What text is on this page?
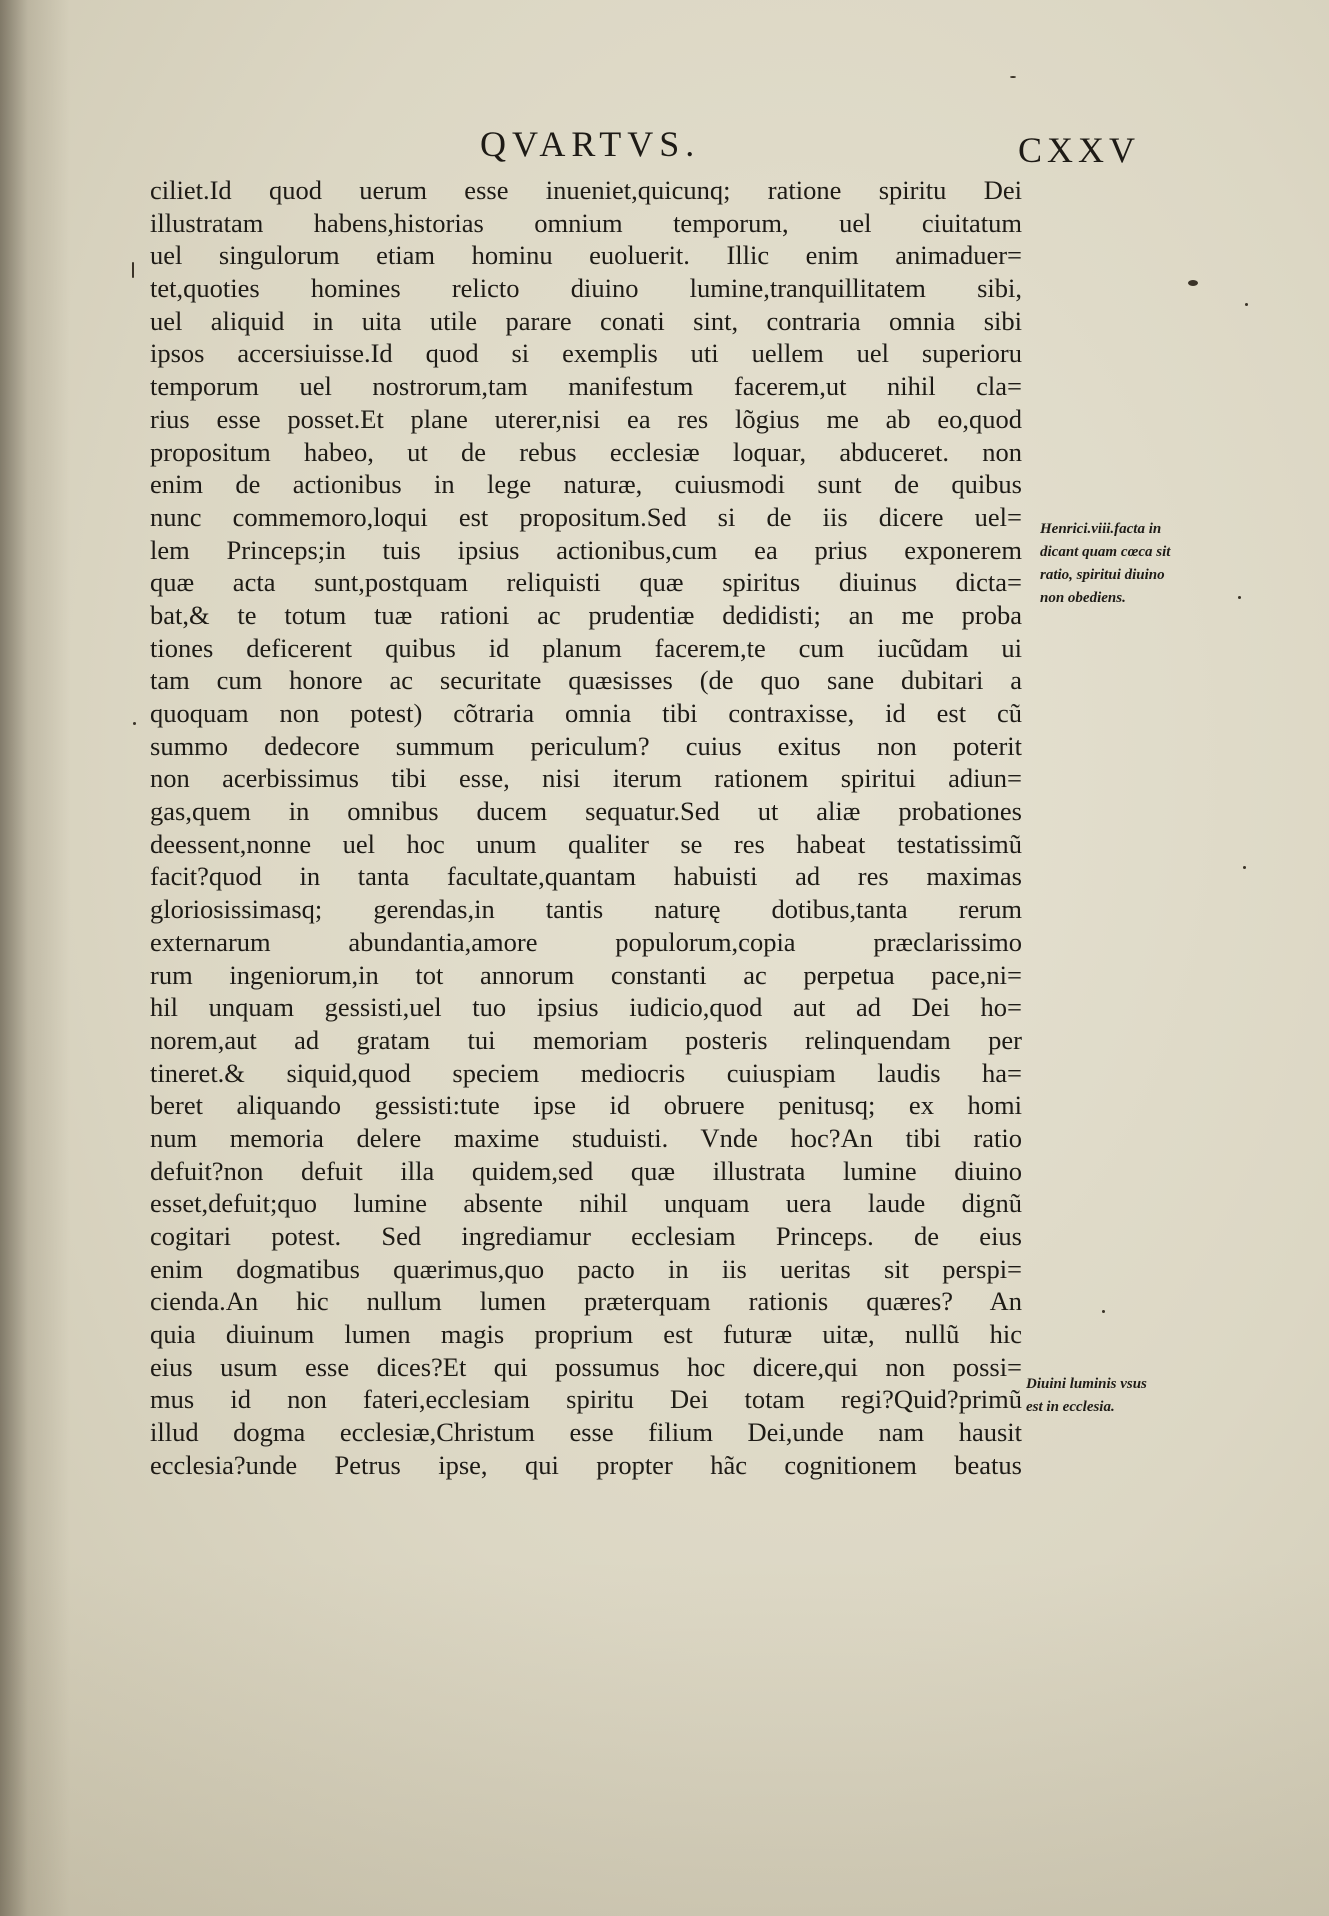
QVARTVS.	CXXV
ciliet.Id quod uerum esse inueniet,quicunq; ratione spiritu Dei
illustratam habens,historias omnium temporum, uel ciuitatum
uel singulorum etiam hominu euoluerit. Illic enim animaduer=
tet,quoties homines relicto diuino lumine,tranquillitatem sibi,
uel aliquid in uita utile parare conati sint, contraria omnia sibi
ipsos accersiuisse.Id quod si exemplis uti uellem uel superioru
temporum uel nostrorum,tam manifestum facerem,ut nihil cla=
rius esse posset.Et plane uterer,nisi ea res lõgius me ab eo,quod
propositum habeo, ut de rebus ecclesiæ loquar, abduceret. non
enim de actionibus in lege naturæ, cuiusmodi sunt de quibus
nunc commemoro,loqui est propositum.Sed si de iis dicere uel=
lem Princeps;in tuis ipsius actionibus,cum ea prius exponerem
quæ acta sunt,postquam reliquisti quæ spiritus diuinus dicta=
bat,& te totum tuæ rationi ac prudentiæ dedidisti; an me proba
tiones deficerent quibus id planum facerem,te cum iucũdam ui
tam cum honore ac securitate quæsisses (de quo sane dubitari a
quoquam non potest) cõtraria omnia tibi contraxisse, id est cũ
summo dedecore summum periculum? cuius exitus non poterit
non acerbissimus tibi esse, nisi iterum rationem spiritui adiun=
gas,quem in omnibus ducem sequatur.Sed ut aliæ probationes
deessent,nonne uel hoc unum qualiter se res habeat testatissimũ
facit?quod in tanta facultate,quantam habuisti ad res maximas
gloriosissimasq; gerendas,in tantis naturę dotibus,tanta rerum
externarum abundantia,amore populorum,copia præclarissimo
rum ingeniorum,in tot annorum constanti ac perpetua pace,ni=
hil unquam gessisti,uel tuo ipsius iudicio,quod aut ad Dei ho=
norem,aut ad gratam tui memoriam posteris relinquendam per
tineret.& siquid,quod speciem mediocris cuiuspiam laudis ha=
beret aliquando gessisti:tute ipse id obruere penitusq; ex homi
num memoria delere maxime studuisti. Vnde hoc?An tibi ratio
defuit?non defuit illa quidem,sed quæ illustrata lumine diuino
esset,defuit;quo lumine absente nihil unquam uera laude dignũ
cogitari potest. Sed ingrediamur ecclesiam Princeps. de eius
enim dogmatibus quærimus,quo pacto in iis ueritas sit perspi=
cienda.An hic nullum lumen præterquam rationis quæres? An
quia diuinum lumen magis proprium est futuræ uitæ, nullũ hic
eius usum esse dices?Et qui possumus hoc dicere,qui non possi=
mus id non fateri,ecclesiam spiritu Dei totam regi?Quid?primũ
illud dogma ecclesiæ,Christum esse filium Dei,unde nam hausit
ecclesia?unde Petrus ipse, qui propter hãc cognitionem beatus
Henrici.viii.facta in
dicant quam cœca sit
ratio, spiritui diuino
non obediens.
Diuini luminis vsus
est in ecclesia.
